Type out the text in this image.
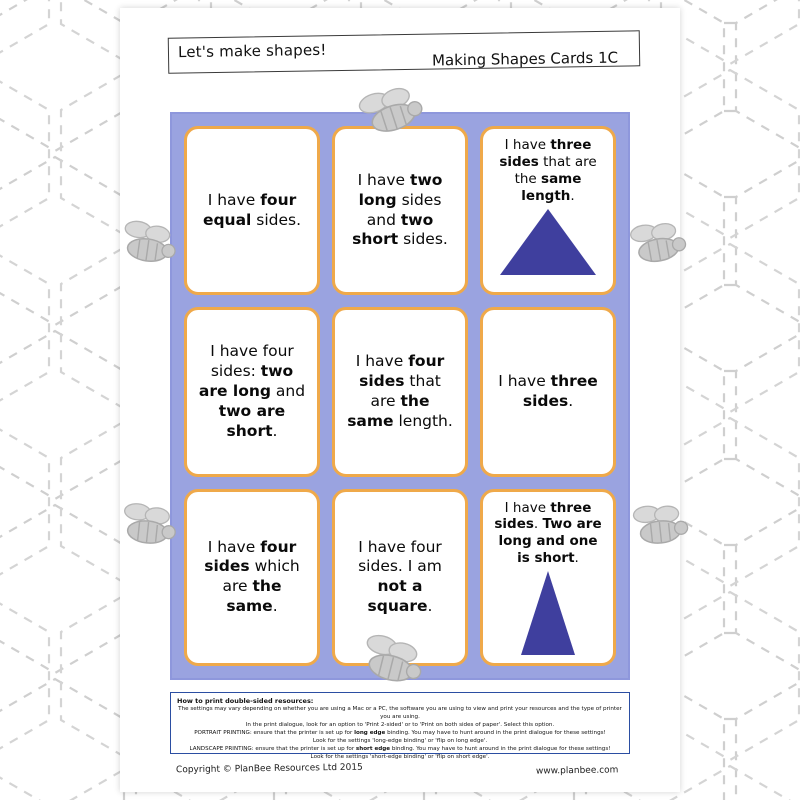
Let's make shapes!	Making Shapes Cards 1C

I have four equal sides.

I have two long sides and two short sides.

I have three sides that are the same length.

I have four sides: two are long and two are short.

I have four sides that are the same length.

I have three sides.

I have four sides which are the same.

I have four sides. I am not a square.

I have three sides. Two are long and one is short.

How to print double-sided resources:

The settings may vary depending on whether you are using a Mac or a PC, the software you are using to view and print your resources and the type of printer you are using.

In the print dialogue, look for an option to 'Print 2-sided' or to 'Print on both sides of paper'. Select this option.

PORTRAIT PRINTING: ensure that the printer is set up for long edge binding. You may have to hunt around in the print dialogue for these settings!

Look for the settings 'long-edge binding' or 'flip on long edge'.

LANDSCAPE PRINTING: ensure that the printer is set up for short edge binding. You may have to hunt around in the print dialogue for these settings!

Look for the settings 'short-edge binding' or 'flip on short edge'.

Copyright © PlanBee Resources Ltd 2015	www.planbee.com
